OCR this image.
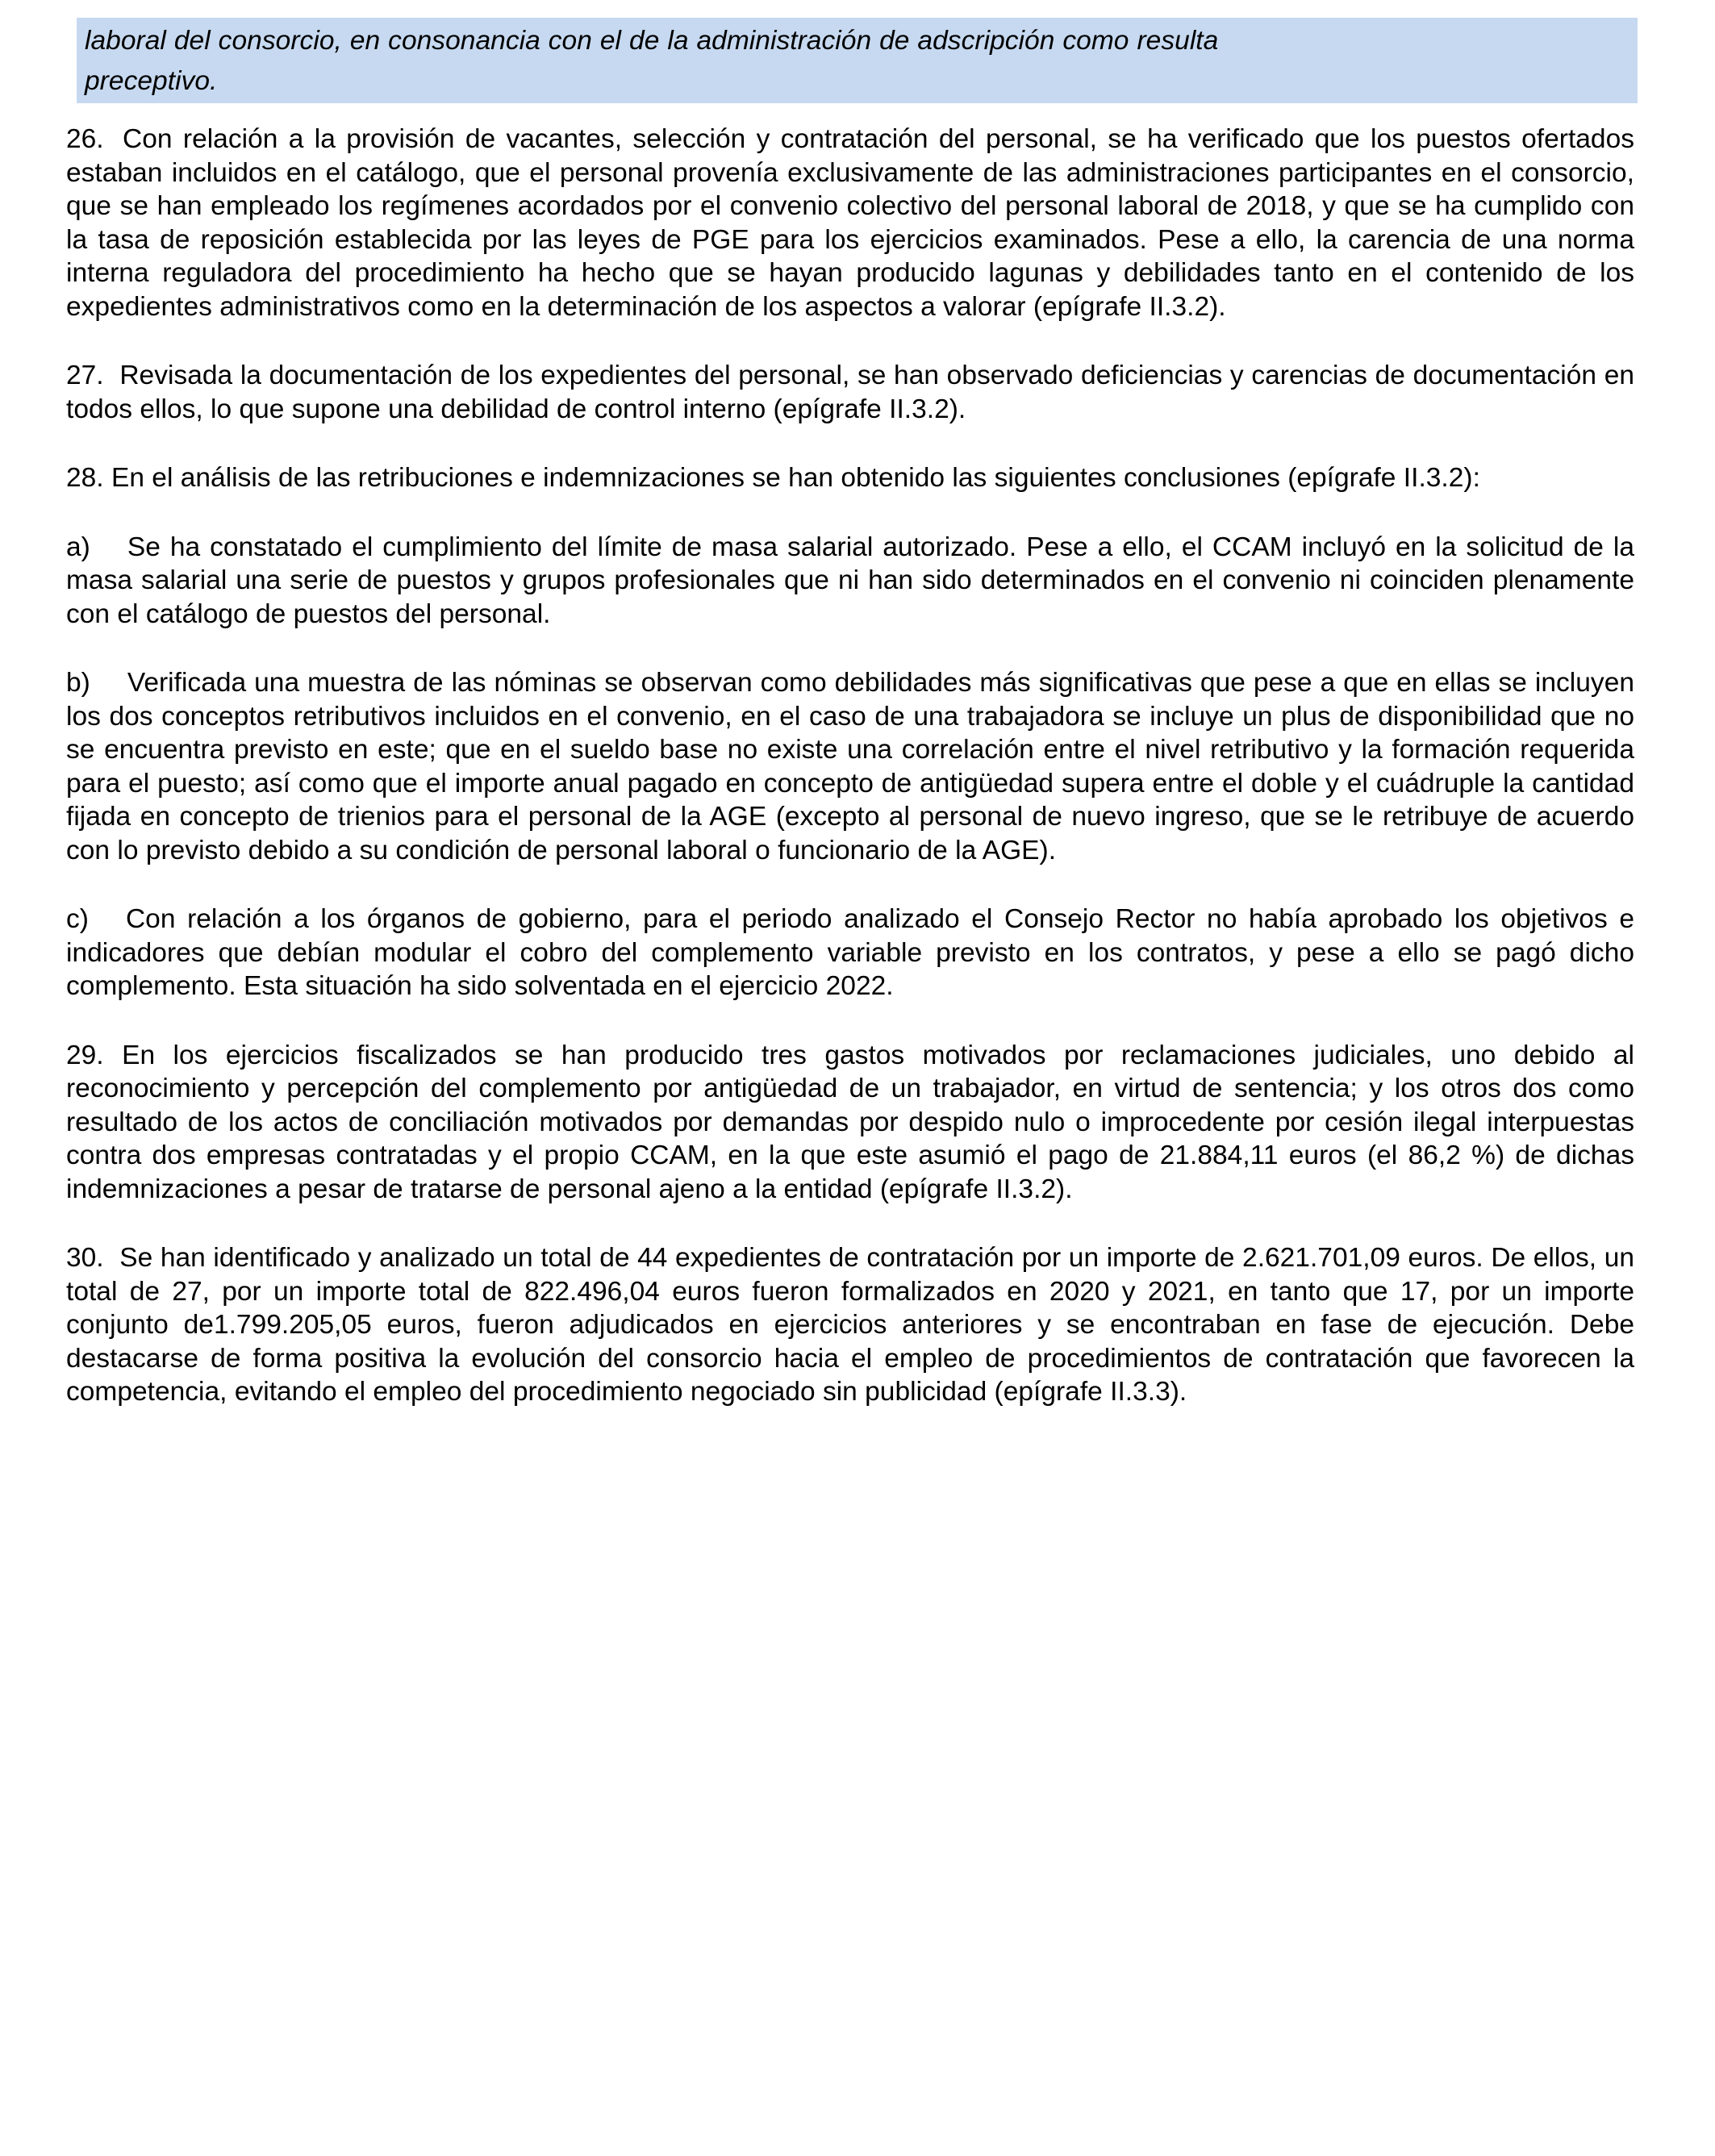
laboral del consorcio, en consonancia con el de la administración de adscripción como resulta

preceptivo.

26. Con relación a la provisión de vacantes, selección y contratación del personal, se ha verificado que los puestos ofertados estaban incluidos en el catálogo, que el personal provenía exclusivamente de las administraciones participantes en el consorcio, que se han empleado los regímenes acordados por el convenio colectivo del personal laboral de 2018, y que se ha cumplido con la tasa de reposición establecida por las leyes de PGE para los ejercicios examinados. Pese a ello, la carencia de una norma interna reguladora del procedimiento ha hecho que se hayan producido lagunas y debilidades tanto en el contenido de los expedientes administrativos como en la determinación de los aspectos a valorar (epígrafe II.3.2).

27. Revisada la documentación de los expedientes del personal, se han observado deficiencias y carencias de documentación en todos ellos, lo que supone una debilidad de control interno (epígrafe II.3.2).

28. En el análisis de las retribuciones e indemnizaciones se han obtenido las siguientes conclusiones (epígrafe II.3.2):

a) Se ha constatado el cumplimiento del límite de masa salarial autorizado. Pese a ello, el CCAM incluyó en la solicitud de la masa salarial una serie de puestos y grupos profesionales que ni han sido determinados en el convenio ni coinciden plenamente con el catálogo de puestos del personal.

b) Verificada una muestra de las nóminas se observan como debilidades más significativas que pese a que en ellas se incluyen los dos conceptos retributivos incluidos en el convenio, en el caso de una trabajadora se incluye un plus de disponibilidad que no se encuentra previsto en este; que en el sueldo base no existe una correlación entre el nivel retributivo y la formación requerida para el puesto; así como que el importe anual pagado en concepto de antigüedad supera entre el doble y el cuádruple la cantidad fijada en concepto de trienios para el personal de la AGE (excepto al personal de nuevo ingreso, que se le retribuye de acuerdo con lo previsto debido a su condición de personal laboral o funcionario de la AGE).

c) Con relación a los órganos de gobierno, para el periodo analizado el Consejo Rector no había aprobado los objetivos e indicadores que debían modular el cobro del complemento variable previsto en los contratos, y pese a ello se pagó dicho complemento. Esta situación ha sido solventada en el ejercicio 2022.

29. En los ejercicios fiscalizados se han producido tres gastos motivados por reclamaciones judiciales, uno debido al reconocimiento y percepción del complemento por antigüedad de un trabajador, en virtud de sentencia; y los otros dos como resultado de los actos de conciliación motivados por demandas por despido nulo o improcedente por cesión ilegal interpuestas contra dos empresas contratadas y el propio CCAM, en la que este asumió el pago de 21.884,11 euros (el 86,2 %) de dichas indemnizaciones a pesar de tratarse de personal ajeno a la entidad (epígrafe II.3.2).

30. Se han identificado y analizado un total de 44 expedientes de contratación por un importe de 2.621.701,09 euros. De ellos, un total de 27, por un importe total de 822.496,04 euros fueron formalizados en 2020 y 2021, en tanto que 17, por un importe conjunto de1.799.205,05 euros, fueron adjudicados en ejercicios anteriores y se encontraban en fase de ejecución. Debe destacarse de forma positiva la evolución del consorcio hacia el empleo de procedimientos de contratación que favorecen la competencia, evitando el empleo del procedimiento negociado sin publicidad (epígrafe II.3.3).
